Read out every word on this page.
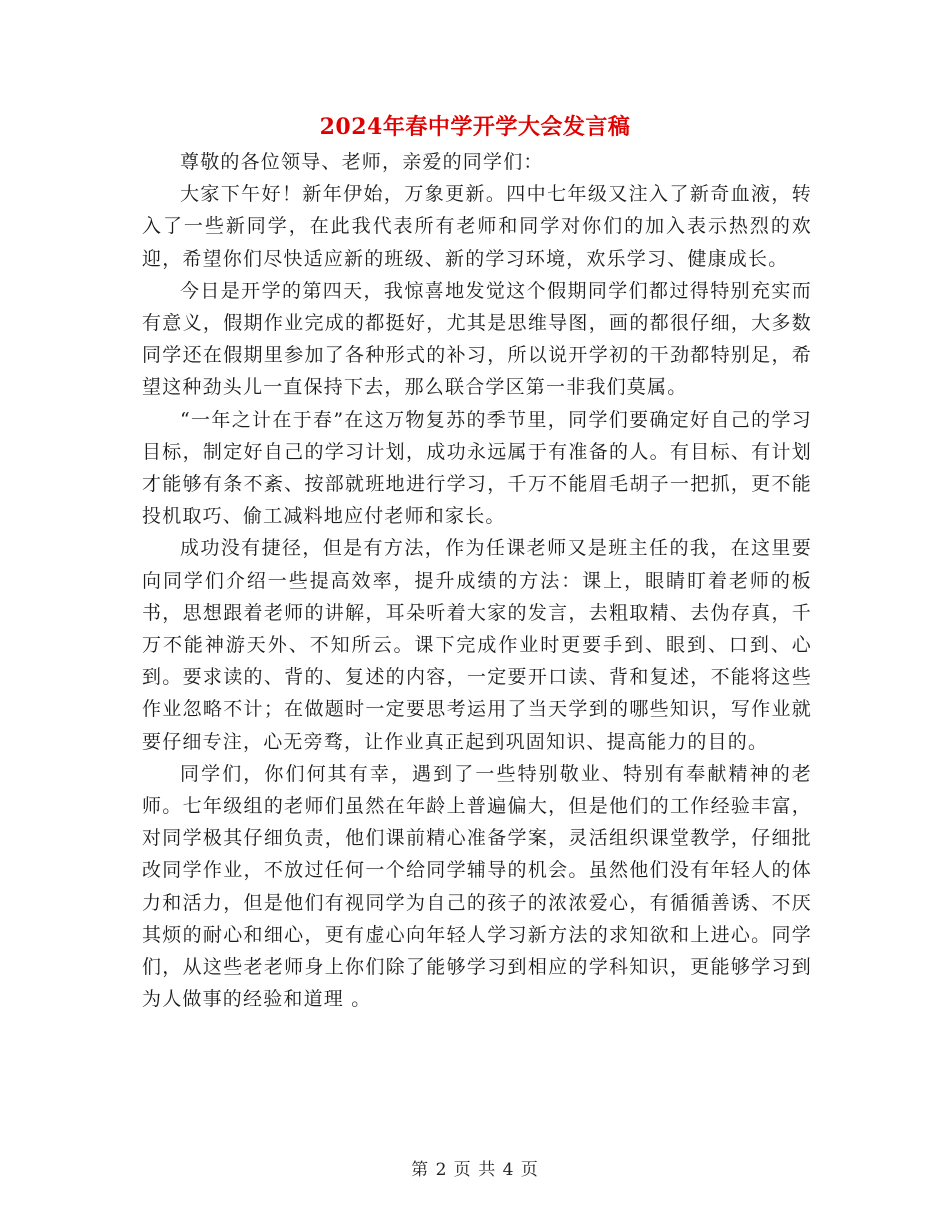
2024年春中学开学大会发言稿

尊敬的各位领导、老师，亲爱的同学们：

大家下午好！新年伊始，万象更新。四中七年级又注入了新奇血液，转入了一些新同学，在此我代表所有老师和同学对你们的加入表示热烈的欢迎，希望你们尽快适应新的班级、新的学习环境，欢乐学习、健康成长。

今日是开学的第四天，我惊喜地发觉这个假期同学们都过得特别充实而有意义，假期作业完成的都挺好，尤其是思维导图，画的都很仔细，大多数同学还在假期里参加了各种形式的补习，所以说开学初的干劲都特别足，希望这种劲头儿一直保持下去，那么联合学区第一非我们莫属。

“一年之计在于春”在这万物复苏的季节里，同学们要确定好自己的学习目标，制定好自己的学习计划，成功永远属于有准备的人。有目标、有计划才能够有条不紊、按部就班地进行学习，千万不能眉毛胡子一把抓，更不能投机取巧、偷工减料地应付老师和家长。

成功没有捷径，但是有方法，作为任课老师又是班主任的我，在这里要向同学们介绍一些提高效率，提升成绩的方法：课上，眼睛盯着老师的板书，思想跟着老师的讲解，耳朵听着大家的发言，去粗取精、去伪存真，千万不能神游天外、不知所云。课下完成作业时更要手到、眼到、口到、心到。要求读的、背的、复述的内容，一定要开口读、背和复述，不能将这些作业忽略不计；在做题时一定要思考运用了当天学到的哪些知识，写作业就要仔细专注，心无旁骛，让作业真正起到巩固知识、提高能力的目的。

同学们，你们何其有幸，遇到了一些特别敬业、特别有奉献精神的老师。七年级组的老师们虽然在年龄上普遍偏大，但是他们的工作经验丰富，对同学极其仔细负责，他们课前精心准备学案，灵活组织课堂教学，仔细批改同学作业，不放过任何一个给同学辅导的机会。虽然他们没有年轻人的体力和活力，但是他们有视同学为自己的孩子的浓浓爱心，有循循善诱、不厌其烦的耐心和细心，更有虚心向年轻人学习新方法的求知欲和上进心。同学们，从这些老老师身上你们除了能够学习到相应的学科知识，更能够学习到为人做事的经验和道理 。

第 2 页 共 4 页
